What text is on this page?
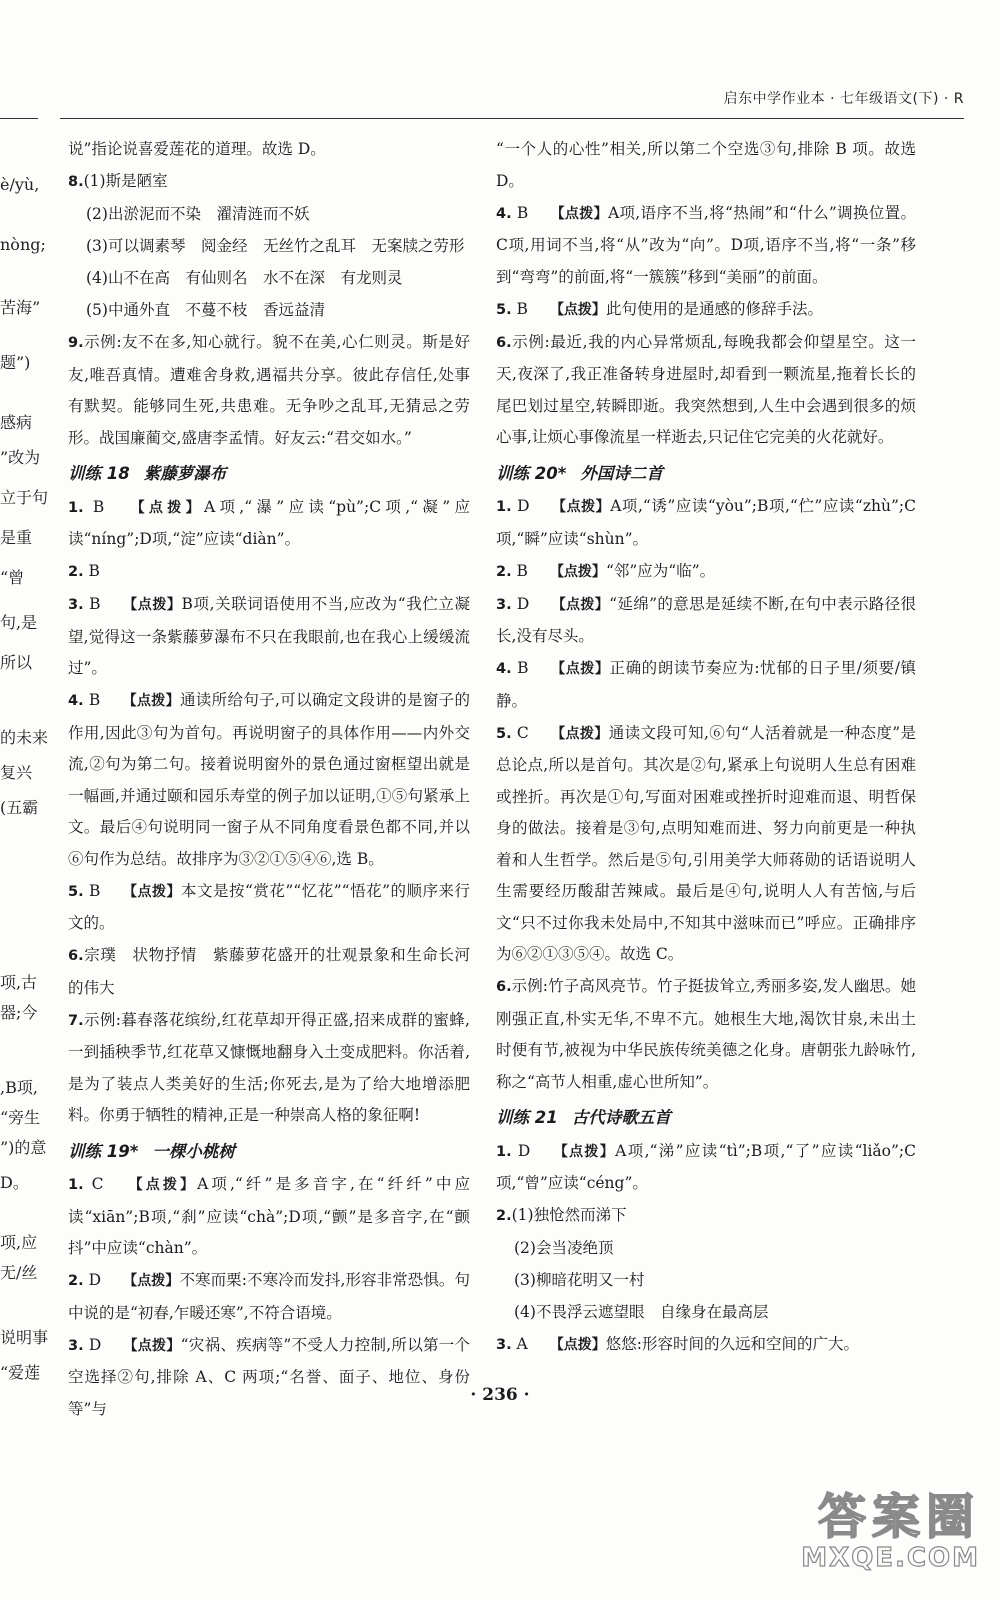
启东中学作业本 · 七年级语文(下) · R
è/yù,
nòng;
苦海”
题”)
感病
”改为
立于句
是重
“曾
句,是
所以
的未来
复兴
(五霸
项,古
器;今
,B项,
“旁生
”)的意
D。
项,应
无/丝
说明事
“爱莲
说”指论说喜爱莲花的道理。故选 D。
8.(1)斯是陋室
(2)出淤泥而不染　濯清涟而不妖
(3)可以调素琴　阅金经　无丝竹之乱耳　无案牍之劳形
(4)山不在高　有仙则名　水不在深　有龙则灵
(5)中通外直　不蔓不枝　香远益清
9.示例:友不在多,知心就行。貌不在美,心仁则灵。斯是好友,唯吾真情。遭难舍身救,遇福共分享。彼此存信任,处事有默契。能够同生死,共患难。无争吵之乱耳,无猜忌之劳形。战国廉蔺交,盛唐李孟情。好友云:“君交如水。”
训练 18 紫藤萝瀑布
1. B 【点拨】A项,“瀑”应读“pù”;C项,“凝”应读“níng”;D项,“淀”应读“diàn”。
2. B
3. B 【点拨】B项,关联词语使用不当,应改为“我伫立凝望,觉得这一条紫藤萝瀑布不只在我眼前,也在我心上缓缓流过”。
4. B 【点拨】通读所给句子,可以确定文段讲的是窗子的作用,因此③句为首句。再说明窗子的具体作用——内外交流,②句为第二句。接着说明窗外的景色通过窗框望出就是一幅画,并通过颐和园乐寿堂的例子加以证明,①⑤句紧承上文。最后④句说明同一窗子从不同角度看景色都不同,并以⑥句作为总结。故排序为③②①⑤④⑥,选 B。
5. B 【点拨】本文是按“赏花”“忆花”“悟花”的顺序来行文的。
6.宗璞　状物抒情　紫藤萝花盛开的壮观景象和生命长河的伟大
7.示例:暮春落花缤纷,红花草却开得正盛,招来成群的蜜蜂,一到插秧季节,红花草又慷慨地翻身入土变成肥料。你活着,是为了装点人类美好的生活;你死去,是为了给大地增添肥料。你勇于牺牲的精神,正是一种崇高人格的象征啊!
训练 19* 一棵小桃树
1. C 【点拨】A项,“纤”是多音字,在“纤纤”中应读“xiān”;B项,“刹”应读“chà”;D项,“颤”是多音字,在“颤抖”中应读“chàn”。
2. D 【点拨】不寒而栗:不寒冷而发抖,形容非常恐惧。句中说的是“初春,乍暖还寒”,不符合语境。
3. D 【点拨】“灾祸、疾病等”不受人力控制,所以第一个空选择②句,排除 A、C 两项;“名誉、面子、地位、身份等”与
“一个人的心性”相关,所以第二个空选③句,排除 B 项。故选 D。
4. B 【点拨】A项,语序不当,将“热闹”和“什么”调换位置。C项,用词不当,将“从”改为“向”。D项,语序不当,将“一条”移到“弯弯”的前面,将“一簇簇”移到“美丽”的前面。
5. B 【点拨】此句使用的是通感的修辞手法。
6.示例:最近,我的内心异常烦乱,每晚我都会仰望星空。这一天,夜深了,我正准备转身进屋时,却看到一颗流星,拖着长长的尾巴划过星空,转瞬即逝。我突然想到,人生中会遇到很多的烦心事,让烦心事像流星一样逝去,只记住它完美的火花就好。
训练 20* 外国诗二首
1. D 【点拨】A项,“诱”应读“yòu”;B项,“伫”应读“zhù”;C项,“瞬”应读“shùn”。
2. B 【点拨】“邻”应为“临”。
3. D 【点拨】“延绵”的意思是延续不断,在句中表示路径很长,没有尽头。
4. B 【点拨】正确的朗读节奏应为:忧郁的日子里/须要/镇静。
5. C 【点拨】通读文段可知,⑥句“人活着就是一种态度”是总论点,所以是首句。其次是②句,紧承上句说明人生总有困难或挫折。再次是①句,写面对困难或挫折时迎难而退、明哲保身的做法。接着是③句,点明知难而进、努力向前更是一种执着和人生哲学。然后是⑤句,引用美学大师蒋勋的话语说明人生需要经历酸甜苦辣咸。最后是④句,说明人人有苦恼,与后文“只不过你我未处局中,不知其中滋味而已”呼应。正确排序为⑥②①③⑤④。故选 C。
6.示例:竹子高风亮节。竹子挺拔耸立,秀丽多姿,发人幽思。她刚强正直,朴实无华,不卑不亢。她根生大地,渴饮甘泉,未出土时便有节,被视为中华民族传统美德之化身。唐朝张九龄咏竹,称之“高节人相重,虚心世所知”。
训练 21 古代诗歌五首
1. D 【点拨】A项,“涕”应读“tì”;B项,“了”应读“liǎo”;C项,“曾”应读“céng”。
2.(1)独怆然而涕下
(2)会当凌绝顶
(3)柳暗花明又一村
(4)不畏浮云遮望眼　自缘身在最高层
3. A 【点拨】悠悠:形容时间的久远和空间的广大。
· 236 ·
答案圈
MXQE.COM
